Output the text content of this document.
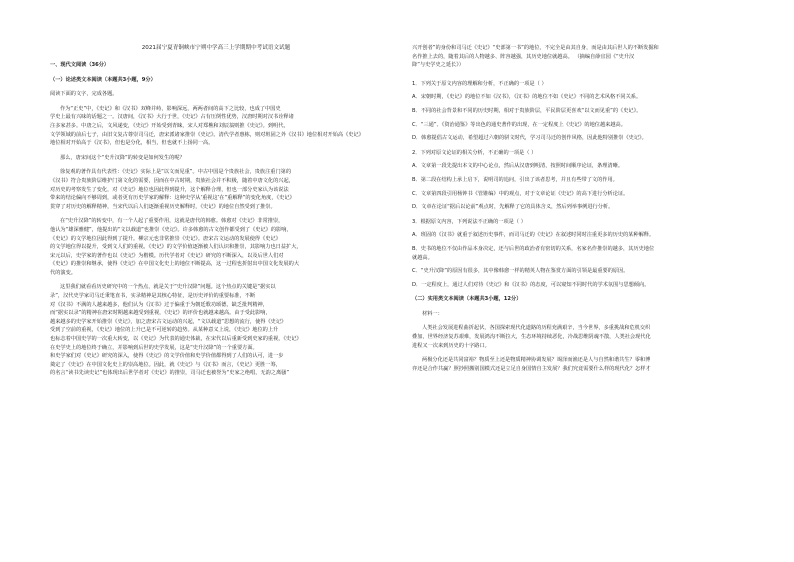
2021届宁夏青铜峡市宁朔中学高三上学期期中考试语文试题
一、现代文阅读（36分）
（一）论述类文本阅读（本题共3小题，9分）
阅读下面的文字，完成各题。
作为“正史”中，《史记》和《汉书》双峰并峙，影响深远，两两者间的高下之比较，也成了中国史
学史上最有兴味的话题之一。汉唐间，《汉书》大行于世，《史记》占有压倒性优势，汉唐时期对汉书诠释诸
注多家甚多。中唐之后，文风递变，《史记》开始受到青睐，宋人对郑樵和刘辰翁则推《史记》。到明代，
文学领域的前后七子，由旧文复古尊崇司马迁，唐宋派诸家推崇《史记》。清代学者惠栋，则对班固之外《汉书》地位相对开始高《史记》
地位相对开始高于《汉书》，但也是分化，相当，但也就不上扬同一高。
那么，唐宋间这个“史升汉降”的转变是如何发生的呢？
徐复观的著作具有代表性：《史记》实际上是“以文而见重”。中古中国是个贵族社会，贵族注重门第的
《汉书》符合贵族阶层维护门第文化的需要，因而在中古时期，贵族社会并不积极，随着中唐文化的兴起，
对历史的考察发生了变化，对《史记》地位也因此得到提升，这个解释合理，但也一部分史家认为该说法
带来的结论偏向不够周到，或者更有历史学家的解释：这种史学从‘重视这’在“重解释”的变化角度，《史记》
贯穿了对历史的解释精神，当宋代以后人们逐渐重视历史解释时，《史记》的地位自然受到了推崇。
在“史升汉降”的转变中，有一个人起了重要作用，这就是唐代的韩愈。韩愈对《史记》非常推崇，
他认为“雄深雅健”，他提出的“文以载道”也推崇《史记》。许多韩愈的古文创作都受到了《史记》的影响，
《史记》的文学地位因此得到了提升。柳宗元也非常推崇《史记》。唐宋古文运动的发展使得《史记》
的文学地位得以提升，受到文人们的重视。《史记》的文学价值逐渐被人们认识和推崇，其影响力也日益扩大，
宋元以后，史学家的著作也以《史记》为楷模。历代学者对《史记》研究的不断深入，以及后世人们对
《史记》的推崇和继承，使得《史记》在中国文化史上的地位不断提高，这一过程也折射出中国文化发展的大
代的演变。
这里我们就看看历史研究中的一个热点，就是关于“史升汉降”问题。这个热点的关键是“据实以
录”，汉代史学家司马迁秉笔直书，实录精神是其核心特征，是历史评价的重要标准，不断
对《汉书》不满的人越来越多，他们认为《汉书》过于偏重于为朝廷歌功颂德，缺乏批判精神，
而“据实以录”的精神在唐宋时期越来越受到重视，《史记》的评价也就越来越高。由于受此影响，
越来越多的史学家开始推崇《史记》，加之唐宋古文运动的兴起，“文以载道”思想的流行，使得《史记》
受到了空前的重视，《史记》地位的上升已是不可逆转的趋势。从某种意义上说，《史记》地位的上升
也标志着中国史学的一次重大转变，以《史记》为代表的通史体裁，在宋代以后重新受到史家的重视，《史记》
在史学史上的地位终于确立，并影响到后世的史学发展，这是“史升汉降”的一个重要方面。
和史学家们对《史记》研究的深入，使得《史记》的文学价值和史学价值都得到了人们的认可，进一步
奠定了《史记》在中国文化史上的崇高地位。因此，就《史记》与《汉书》而言，《史记》更胜一筹，
的名言“读书先读史记”也体现出后世学者对《史记》的推崇，司马迁也被誉为“史家之绝唱，无韵之离骚”
兴开创者”的身份和司马迁《史记》“史部第一书”的地位，不完全是由其自身，而是由其后世人的不断发掘和
名作推上去的，随着其后的人物越多、阵容越强，其历史地位就越高。 （摘编自薛宜园《“史升汉
降”与史学史之延长》）
1．下列关于原文内容的理解和分析，不正确的一项是（ ）
A．宋朝时期，《史记》的地位不如《汉书》，《汉书》的地位不如《史记》不同的艺术风格不同关系。
B．不同的社会背景和不同的历史时期，相对于贵族阶层，平民阶层更喜欢“以文而见重”的《史记》。
C．“三通”、《资治通鉴》等出色的通史著作的出现，在一定程度上《史记》的地位越来越高。
D．韩愈提倡古文运动，希望超过六朝的骈文时代，学习司马迁的创作风格，因此他特别推崇《史记》。
2．下列对原文论证的相关分析，不正确的一项是（ ）
A．文章第一段先提出本文的中心论点，然后从汉唐到明清，按照时间顺序论证，条理清晰。
B．第二段在结构上承上启下，说明司的追问，引出了该者思考，并且有些带了文的作用。
C．文章第四段引用杨钟书《管锥编》中的观点，对于文章论证《史记》的高下进行分析论证。
D．文章在论证“据后以论前”观点时，先解释了它的具体含义，然后列举事例进行分析。
3．根据原文内容，下列说法不正确的一项是（ ）
A．班固的《汉书》就重于叙述历史事件，而司马迁的《史记》在叙述时同时注重更多的历史的某种解释。
B．史书的地位不仅由作品本身决定，还与后世的政治者有密切的关系，名家名作推崇的越多，其历史地位
就越高。
C．“史升汉降”的原因有很多，其中像韩愈一样的精英人物在鉴赏方面的引领是最重要的原因。
D．一定程度上，通过人们对待《史记》和《汉书》的态度，可以窥知不同时代的学术氛围与思想倾向。
（二）实用类文本阅读（本题共3小题，12分）
材料一：
人类社会发展进程曲折起伏，各国探索现代化道路的历程充满艰辛，当今世界，多重挑战和危机交织
叠加，世界经济复苏艰难，发展鸿沟不断拉大，生态环境持续恶化，冷战思维阴魂不散，人类社会现代化
进程又一次来到历史的十字路口。
两极分化还是共同富裕？物质至上还是物质精神协调发展？竭泽而渔还是人与自然和谐共生？零和博
弈还是合作共赢？照抄照搬别国模式还是立足自身国情自主发展？我们究竟需要什么样的现代化？怎样才
